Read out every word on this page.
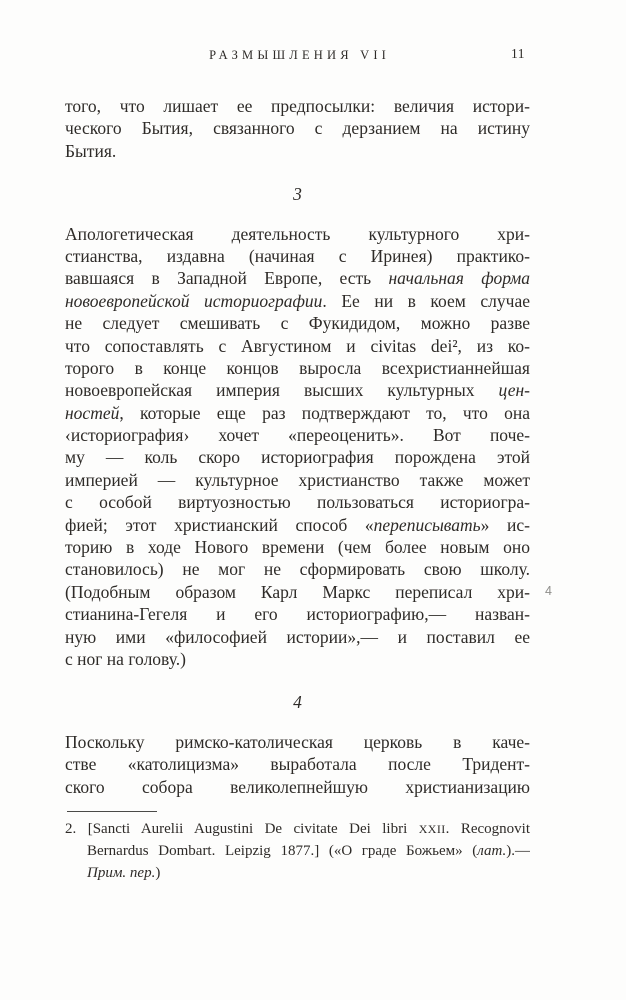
РАЗМЫШЛЕНИЯ VII	11
того, что лишает ее предпосылки: величия истори-
ческого Бытия, связанного с дерзанием на истину
Бытия.
3
Апологетическая деятельность культурного хри-
стианства, издавна (начиная с Иринея) практико-
вавшаяся в Западной Европе, есть начальная форма
новоевропейской историографии. Ее ни в коем случае
не следует смешивать с Фукидидом, можно разве
что сопоставлять с Августином и civitas dei², из ко-
торого в конце концов выросла всехристианнейшая
новоевропейская империя высших культурных цен-
ностей, которые еще раз подтверждают то, что она
‹историография› хочет «переоценить». Вот поче-
му — коль скоро историография порождена этой
империей — культурное христианство также может
с особой виртуозностью пользоваться историогра-
фией; этот христианский способ «переписывать» ис-
торию в ходе Нового времени (чем более новым оно
становилось) не мог не сформировать свою школу.
(Подобным образом Карл Маркс переписал хри-
стианина-Гегеля и его историографию,— назван-
ную ими «философией истории»,— и поставил ее
с ног на голову.)
4
Поскольку римско-католическая церковь в каче-
стве «католицизма» выработала после Тридент-
ского собора великолепнейшую христианизацию
2. [Sancti Aurelii Augustini De civitate Dei libri XXII. Recognovit
Bernardus Dombart. Leipzig 1877.] («О граде Божьем» (лат.).—
Прим. пер.)
4
